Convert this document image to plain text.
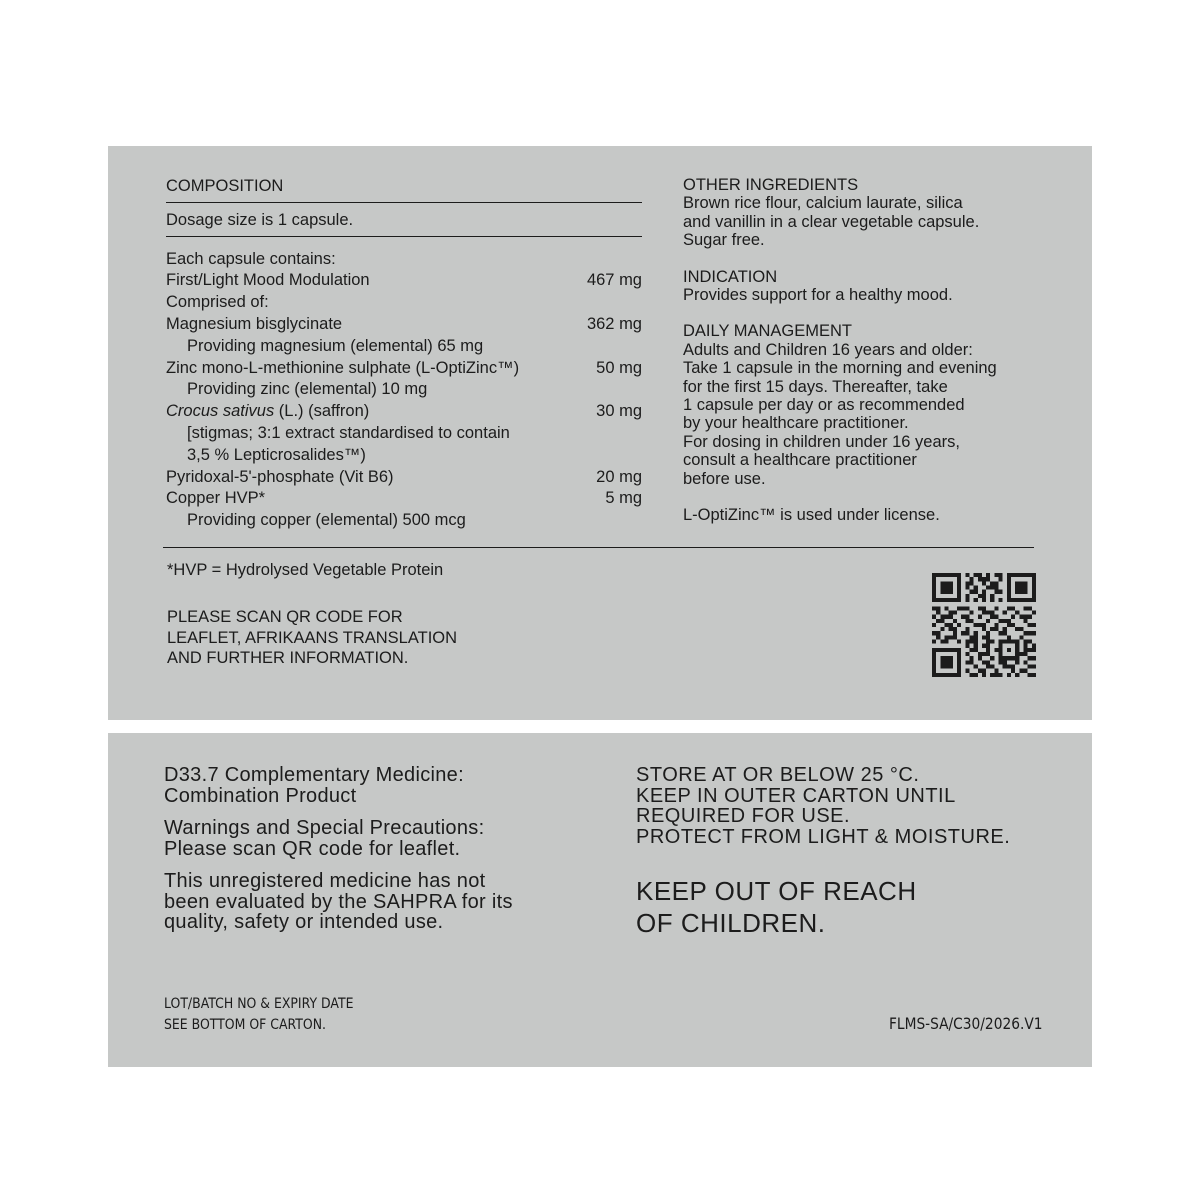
COMPOSITION
Dosage size is 1 capsule.
Each capsule contains:
First/Light Mood Modulation	467 mg
Comprised of:
Magnesium bisglycinate	362 mg
Providing magnesium (elemental) 65 mg
Zinc mono-L-methionine sulphate (L-OptiZinc™)	50 mg
Providing zinc (elemental) 10 mg
Crocus sativus (L.) (saffron)	30 mg
[stigmas; 3:1 extract standardised to contain
3,5 % Lepticrosalides™)
Pyridoxal-5'-phosphate (Vit B6)	20 mg
Copper HVP*	5 mg
Providing copper (elemental) 500 mcg
OTHER INGREDIENTS
Brown rice flour, calcium laurate, silica
and vanillin in a clear vegetable capsule.
Sugar free.
INDICATION
Provides support for a healthy mood.
DAILY MANAGEMENT
Adults and Children 16 years and older:
Take 1 capsule in the morning and evening
for the first 15 days. Thereafter, take
1 capsule per day or as recommended
by your healthcare practitioner.
For dosing in children under 16 years,
consult a healthcare practitioner
before use.
L-OptiZinc™ is used under license.
*HVP = Hydrolysed Vegetable Protein
PLEASE SCAN QR CODE FOR
LEAFLET, AFRIKAANS TRANSLATION
AND FURTHER INFORMATION.
D33.7 Complementary Medicine:
Combination Product
Warnings and Special Precautions:
Please scan QR code for leaflet.
This unregistered medicine has not
been evaluated by the SAHPRA for its
quality, safety or intended use.
STORE AT OR BELOW 25 °C.
KEEP IN OUTER CARTON UNTIL
REQUIRED FOR USE.
PROTECT FROM LIGHT & MOISTURE.
KEEP OUT OF REACH
OF CHILDREN.
LOT/BATCH NO & EXPIRY DATE
SEE BOTTOM OF CARTON.	FLMS-SA/C30/2026.V1
